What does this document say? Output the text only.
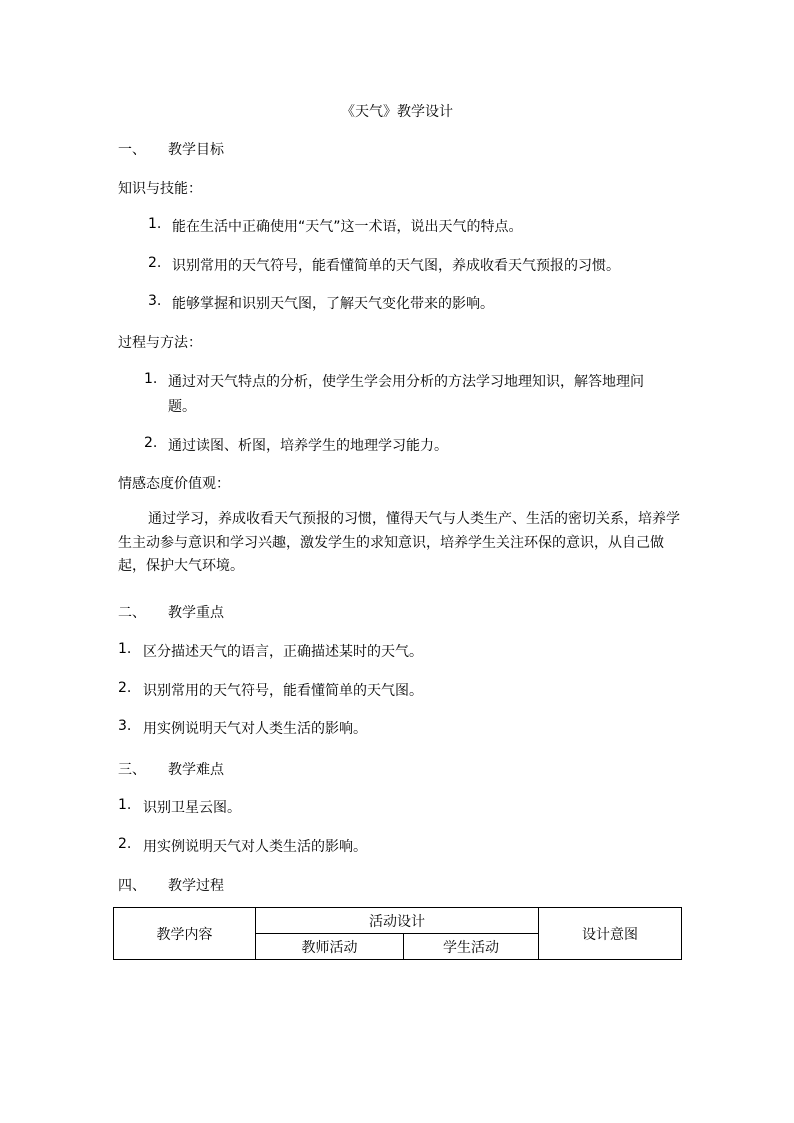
《天气》教学设计
一、 教学目标
知识与技能：
1. 能在生活中正确使用“天气”这一术语，说出天气的特点。
2. 识别常用的天气符号，能看懂简单的天气图，养成收看天气预报的习惯。
3. 能够掌握和识别天气图，了解天气变化带来的影响。
过程与方法：
1. 通过对天气特点的分析，使学生学会用分析的方法学习地理知识，解答地理问
题。
2. 通过读图、析图，培养学生的地理学习能力。
情感态度价值观：
通过学习，养成收看天气预报的习惯，懂得天气与人类生产、生活的密切关系，培养学生主动参与意识和学习兴趣，激发学生的求知意识，培养学生关注环保的意识，从自己做起，保护大气环境。
二、 教学重点
1. 区分描述天气的语言，正确描述某时的天气。
2. 识别常用的天气符号，能看懂简单的天气图。
3. 用实例说明天气对人类生活的影响。
三、 教学难点
1. 识别卫星云图。
2. 用实例说明天气对人类生活的影响。
四、 教学过程
教学内容	活动设计		设计意图
	教师活动	学生活动	
